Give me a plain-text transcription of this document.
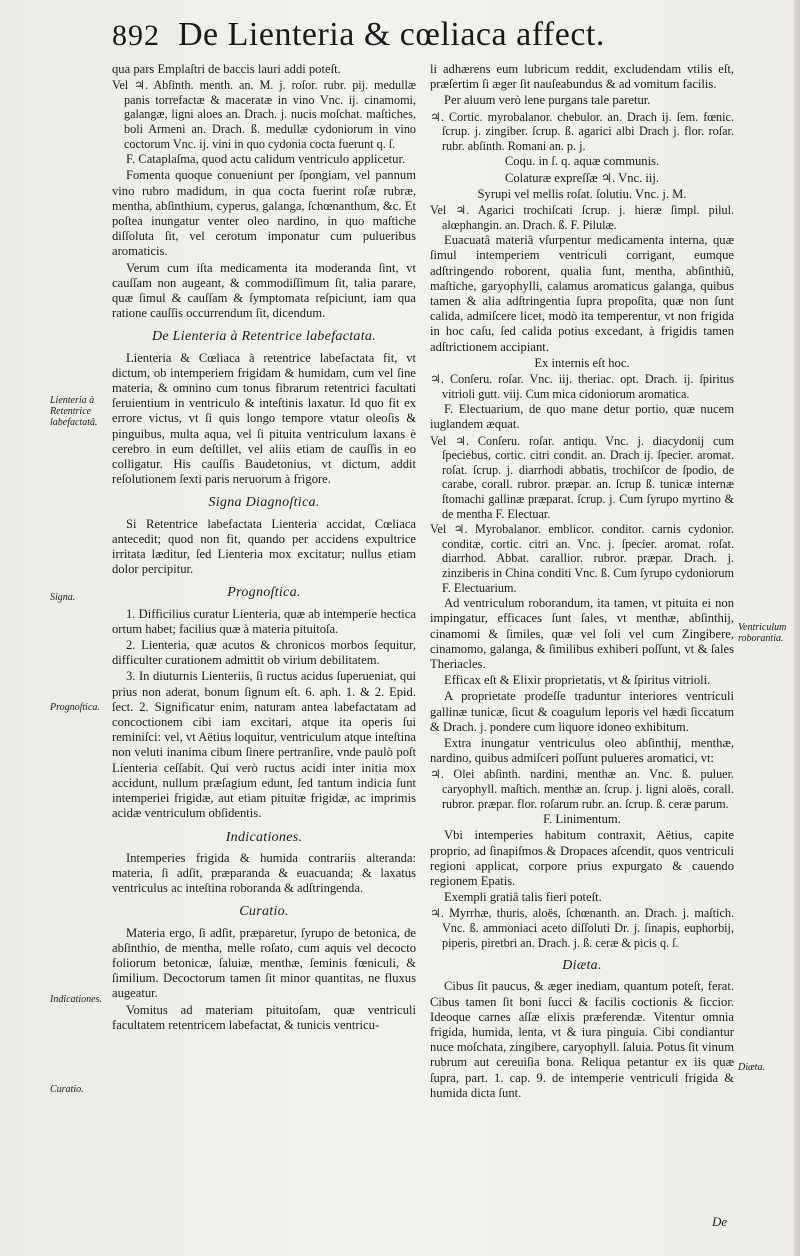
892 De Lienteria & cœliaca affect.

qua pars Emplaſtri de baccis lauri addi poteſt.

Vel ♃. Abſinth. menth. an. M. j. roſor. rubr. pij. medullæ panis torrefactæ & maceratæ in vino Vnc. ij. cinamomi, galangæ, ligni aloes an. Drach. j. nucis moſchat. maſtiches, boli Armeni an. Drach. ß. medullæ cydoniorum in vino coctorum Vnc. ij. vini in quo cydonia cocta fuerunt q. ſ.

F. Cataplaſma, quod actu calidum ventriculo applicetur.

Fomenta quoque conueniunt per ſpongiam, vel pannum vino rubro madidum, in qua cocta fuerint roſæ rubræ, mentha, abſinthium, cyperus, galanga, ſchœnanthum, &c. Et poſtea inungatur venter oleo nardino, in quo maſtiche diſſoluta ſit, vel cerotum imponatur cum pulueribus aromaticis.

Verum cum iſta medicamenta ita moderanda ſint, vt cauſſam non augeant, & commodiſſimum ſit, talia parare, quæ ſimul & cauſſam & ſymptomata reſpiciunt, iam qua ratione cauſſis occurrendum ſit, dicendum.

De Lienteria à Retentrice labefactata.

Lienteria & Cœliaca à retentrice labefactata fit, vt dictum, ob intemperiem frigidam & humidam, cum vel ſine materia, & omnino cum tonus fibrarum retentrici facultati ſeruientium in ventriculo & inteſtinis laxatur. Id quo fit ex errore victus, vt ſi quis longo tempore vtatur oleoſis & pinguibus, multa aqua, vel ſi pituita ventriculum laxans è cerebro in eum deſtillet, vel aliis etiam de cauſſis in eo colligatur. His cauſſis Baudetonius, vt dictum, addit reſolutionem ſexti paris neruorum à frigore.

Signa Diagnoſtica.

Si Retentrice labefactata Lienteria accidat, Cœliaca antecedit; quod non fit, quando per accidens expultrice irritata læditur, ſed Lienteria mox excitatur; nullus etiam dolor percipitur.

Prognoſtica.

1. Difficilius curatur Lienteria, quæ ab intemperie hectica ortum habet; facilius quæ à materia pituitoſa.

2. Lienteria, quæ acutos & chronicos morbos ſequitur, difficulter curationem admittit ob virium debilitatem.

3. In diuturnis Lienteriis, ſi ructus acidus ſuperueniat, qui prius non aderat, bonum ſignum eſt. 6. aph. 1. & 2. Epid. ſect. 2. Significatur enim, naturam antea labefactatam ad concoctionem cibi iam excitari, atque ita operis ſui reminiſci: vel, vt Aëtius loquitur, ventriculum atque inteſtina non veluti inanima cibum ſinere pertranſire, vnde paulò poſt Lienteria ceſſabit. Qui verò ructus acidi inter initia mox accidunt, nullum præſagium edunt, ſed tantum indicia ſunt intemperiei frigidæ, aut etiam pituitæ frigidæ, ac imprimis acidæ ventriculum obſidentis.

Indicationes.

Intemperies frigida & humida contrariis alteranda: materia, ſi adſit, præparanda & euacuanda; & laxatus ventriculus ac inteſtina roboranda & adſtringenda.

Curatio.

Materia ergo, ſi adſit, præparetur, ſyrupo de betonica, de abſinthio, de mentha, melle roſato, cum aquis vel decocto foliorum betonicæ, ſaluiæ, menthæ, ſeminis fœniculi, & ſimilium. Decoctorum tamen ſit minor quantitas, ne fluxus augeatur.

Vomitus ad materiam pituitoſam, quæ ventriculi facultatem retentricem labefactat, & tunicis ventricu-

li adhærens eum lubricum reddit, excludendam vtilis eſt, præſertim ſi æger ſit nauſeabundus & ad vomitum facilis.

Per aluum verò lene purgans tale paretur.

♃. Cortic. myrobalanor. chebulor. an. Drach ij. ſem. fœnic. ſcrup. j. zingiber. ſcrup. ß. agarici albi Drach j. flor. roſar. rubr. abſinth. Romani an. p. j.

Coqu. in ſ. q. aquæ communis.

Colaturæ expreſſæ ♃. Vnc. iij.

Syrupi vel mellis roſat. ſolutiu. Vnc. j. M.

Vel ♃. Agarici trochiſcati ſcrup. j. hieræ ſimpl. pilul. alœphangin. an. Drach. ß. F. Pilulæ.

Euacuatâ materiâ vſurpentur medicamenta interna, quæ ſimul intemperiem ventriculi corrigant, eumque adſtringendo roborent, qualia ſunt, mentha, abſinthiũ, maſtiche, garyophylli, calamus aromaticus galanga, quibus tamen & alia adſtringentia ſupra propoſita, quæ non ſunt calida, admiſcere licet, modò ita temperentur, vt non frigida in hoc caſu, ſed calida potius excedant, à frigidis tamen adſtrictionem accipiant.

Ex internis eſt hoc.

♃. Conſeru. roſar. Vnc. iij. theriac. opt. Drach. ij. ſpiritus vitrioli gutt. viij. Cum mica cidoniorum aromatica.

F. Electuarium, de quo mane detur portio, quæ nucem iuglandem æquat.

Vel ♃. Conſeru. roſar. antiqu. Vnc. j. diacydonij cum ſpeciebus, cortic. citri condit. an. Drach ij. ſpecier. aromat. roſat. ſcrup. j. diarrhodi abbatis, trochiſcor de ſpodio, de carabe, corall. rubror. præpar. an. ſcrup ß. tunicæ internæ ſtomachi gallinæ præparat. ſcrup. j. Cum ſyrupo myrtino & de mentha F. Electuar.

Vel ♃. Myrobalanor. emblicor. conditor. carnis cydonior. conditæ, cortic. citri an. Vnc. j. ſpecier. aromat. roſat. diarrhod. Abbat. carallior. rubror. præpar. Drach. j. zinziberis in China conditi Vnc. ß. Cum ſyrupo cydoniorum F. Electuarium.

Ad ventriculum roborandum, ita tamen, vt pituita ei non impingatur, efficaces ſunt ſales, vt menthæ, abſinthij, cinamomi & ſimiles, quæ vel ſoli vel cum Zingibere, cinamomo, galanga, & ſimilibus exhiberi poſſunt, vt & ſales Theriacles.

Efficax eſt & Elixir proprietatis, vt & ſpiritus vitrioli.

A proprietate prodeſſe traduntur interiores ventriculi gallinæ tunicæ, ſicut & coagulum leporis vel hædi ſiccatum & Drach. j. pondere cum liquore idoneo exhibitum.

Extra inungatur ventriculus oleo abſinthij, menthæ, nardino, quibus admiſceri poſſunt pulueres aromatici, vt:

♃. Olei abſinth. nardini, menthæ an. Vnc. ß. puluer. caryophyll. maſtich. menthæ an. ſcrup. j. ligni aloës, corall. rubror. præpar. flor. roſarum rubr. an. ſcrup. ß. ceræ parum.

F. Linimentum.

Vbi intemperies habitum contraxit, Aëtius, capite proprio, ad ſinapiſmos & Dropaces aſcendit, quos ventriculi regioni applicat, corpore prius expurgato & cauendo regionem Epatis.

Exempli gratiâ talis fieri poteſt.

♃. Myrrhæ, thuris, aloës, ſchœnanth. an. Drach. j. maſtich. Vnc. ß. ammoniaci aceto diſſoluti Dr. j. ſinapis, euphorbij, piperis, piretbri an. Drach. j. ß. ceræ & picis q. ſ.

Diæta.

Cibus ſit paucus, & æger inediam, quantum poteſt, ferat. Cibus tamen ſit boni ſucci & facilis coctionis & ſiccior. Ideoque carnes aſſæ elixis præferendæ. Vitentur omnia frigida, humida, lenta, vt & iura pinguia. Cibi condiantur nuce moſchata, zingibere, caryophyll. ſaluia. Potus ſit vinum rubrum aut cereuiſia bona. Reliqua petantur ex iis quæ ſupra, part. 1. cap. 9. de intemperie ventriculi frigida & humida dicta ſunt.

Lienteria à Retentrice labefactatâ.
Signa.
Prognoſtica.
Indicationes.
Curatio.
Ventriculum roborantia.
Diæta.
De
